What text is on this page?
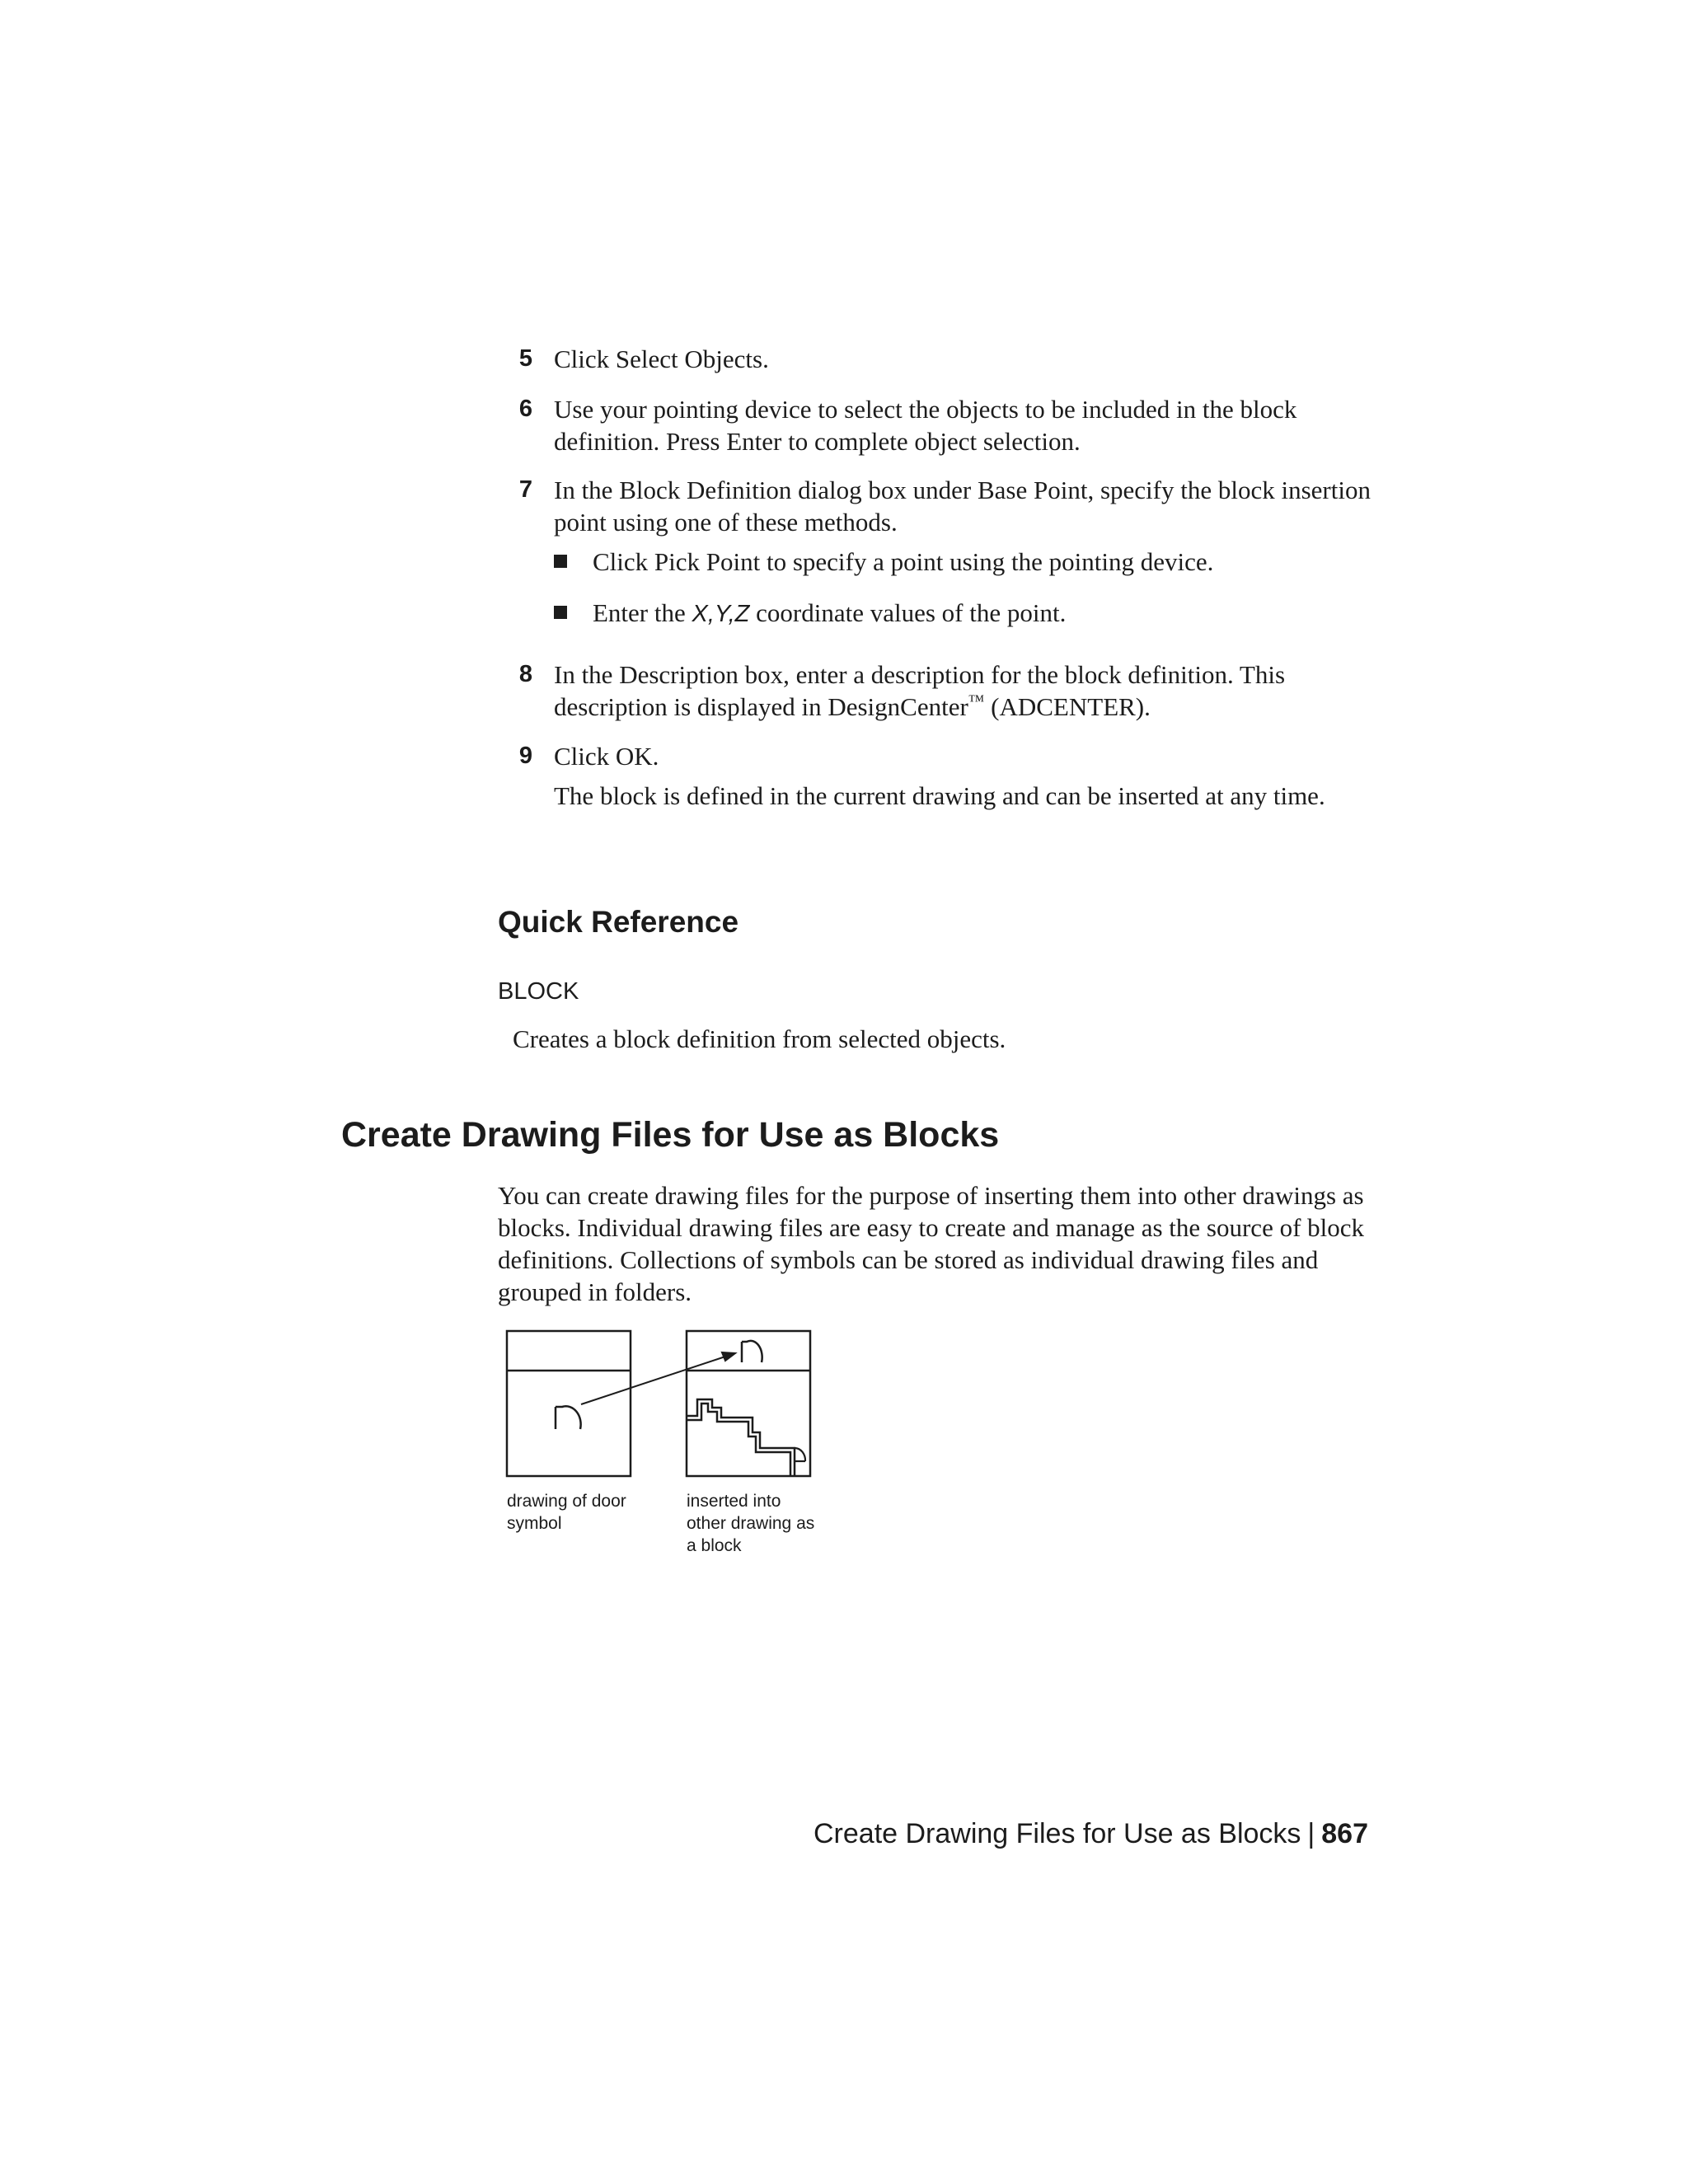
5 Click Select Objects.
6 Use your pointing device to select the objects to be included in the block definition. Press Enter to complete object selection.
7 In the Block Definition dialog box under Base Point, specify the block insertion point using one of these methods.
Click Pick Point to specify a point using the pointing device.
Enter the X,Y,Z coordinate values of the point.
8 In the Description box, enter a description for the block definition. This description is displayed in DesignCenter™ (ADCENTER).
9 Click OK.
The block is defined in the current drawing and can be inserted at any time.
Quick Reference
BLOCK
Creates a block definition from selected objects.
Create Drawing Files for Use as Blocks
You can create drawing files for the purpose of inserting them into other drawings as blocks. Individual drawing files are easy to create and manage as the source of block definitions. Collections of symbols can be stored as individual drawing files and grouped in folders.
drawing of door
symbol
inserted into
other drawing as
a block
Create Drawing Files for Use as Blocks | 867
